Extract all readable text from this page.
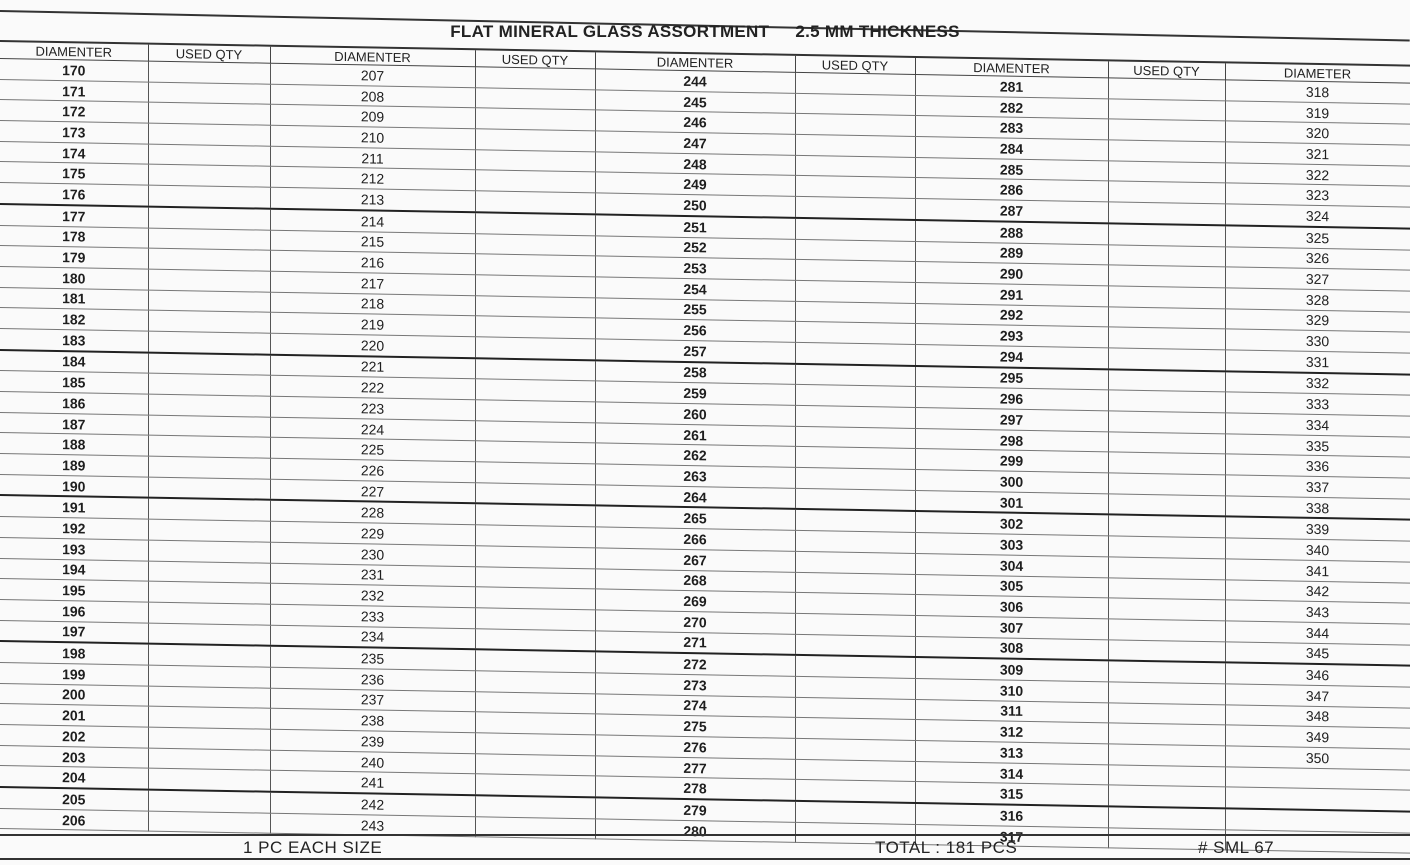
FLAT MINERAL GLASS ASSORTMENT 2.5 MM THICKNESS
DIAMENTER	USED QTY	DIAMENTER	USED QTY	DIAMENTER	USED QTY	DIAMENTER	USED QTY	DIAMETER
170		207		244		281		318
171		208		245		282		319
172		209		246		283		320
173		210		247		284		321
174		211		248		285		322
175		212		249		286		323
176		213		250		287		324
177		214		251		288		325
178		215		252		289		326
179		216		253		290		327
180		217		254		291		328
181		218		255		292		329
182		219		256		293		330
183		220		257		294		331
184		221		258		295		332
185		222		259		296		333
186		223		260		297		334
187		224		261		298		335
188		225		262		299		336
189		226		263		300		337
190		227		264		301		338
191		228		265		302		339
192		229		266		303		340
193		230		267		304		341
194		231		268		305		342
195		232		269		306		343
196		233		270		307		344
197		234		271		308		345
198		235		272		309		346
199		236		273		310		347
200		237		274		311		348
201		238		275		312		349
202		239		276		313		350
203		240		277		314		
204		241		278		315		
205		242		279		316		
206		243		280		317		
1 PC EACH SIZE	TOTAL : 181 PCS	# SML 67
